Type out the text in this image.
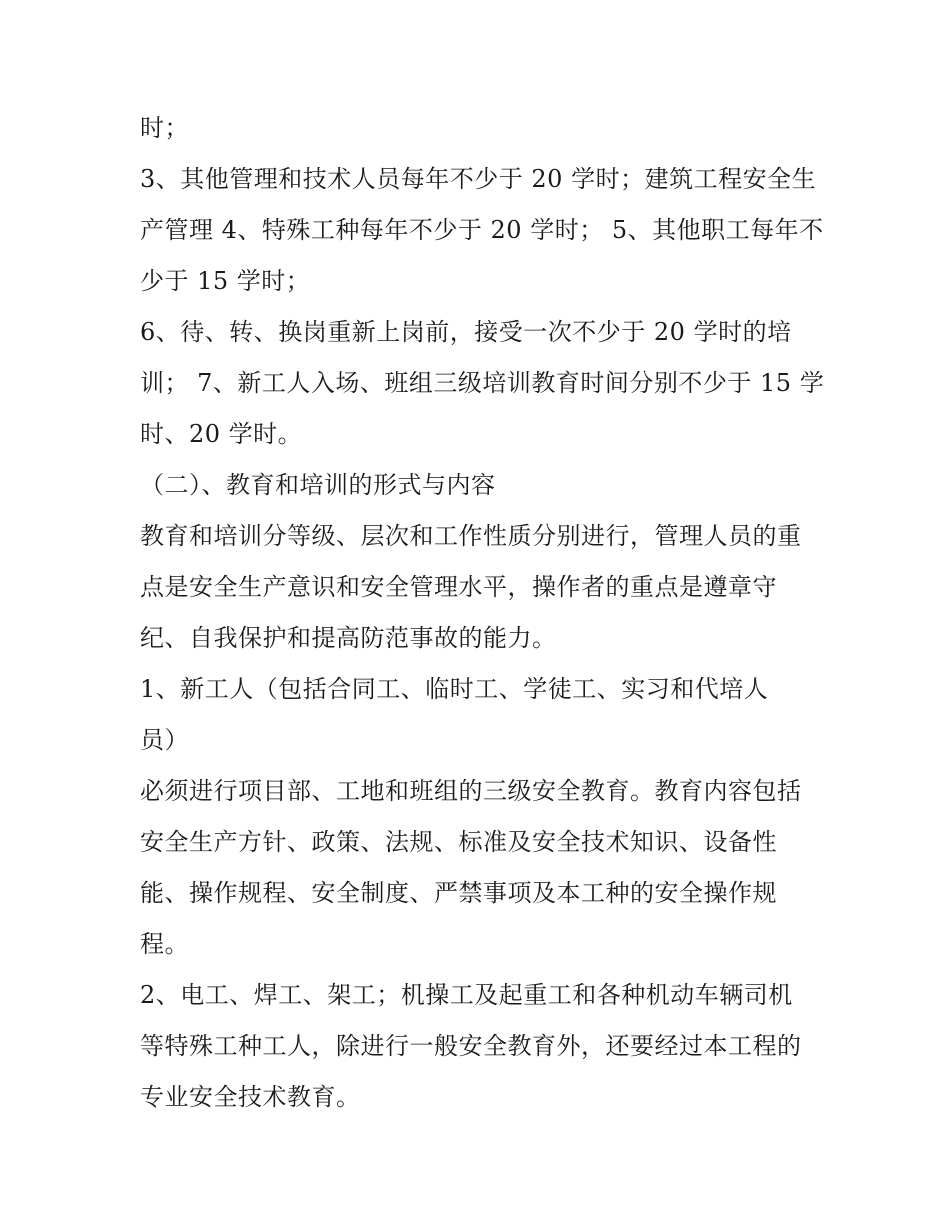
时；
3、其他管理和技术人员每年不少于 20 学时；建筑工程安全生
产管理 4、特殊工种每年不少于 20 学时； 5、其他职工每年不
少于 15 学时；
6、待、转、换岗重新上岗前，接受一次不少于 20 学时的培
训； 7、新工人入场、班组三级培训教育时间分别不少于 15 学
时、20 学时。
（二）、教育和培训的形式与内容
教育和培训分等级、层次和工作性质分别进行，管理人员的重
点是安全生产意识和安全管理水平，操作者的重点是遵章守
纪、自我保护和提高防范事故的能力。
1、新工人（包括合同工、临时工、学徒工、实习和代培人
员）
必须进行项目部、工地和班组的三级安全教育。教育内容包括
安全生产方针、政策、法规、标准及安全技术知识、设备性
能、操作规程、安全制度、严禁事项及本工种的安全操作规
程。
2、电工、焊工、架工；机操工及起重工和各种机动车辆司机
等特殊工种工人，除进行一般安全教育外，还要经过本工程的
专业安全技术教育。
